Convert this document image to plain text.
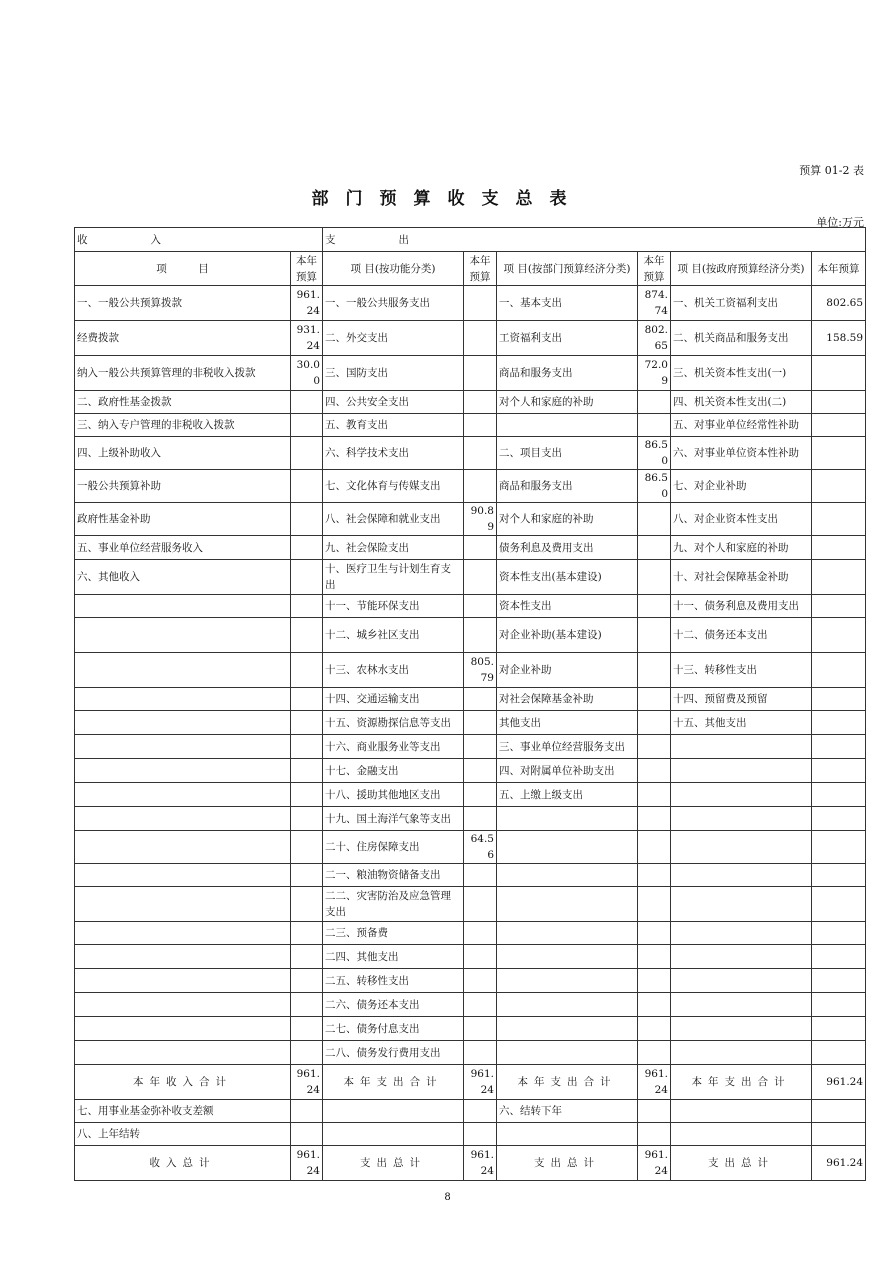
预算 01-2 表
部门预算收支总表
单位:万元
收　　　　　　入		支　　　　　　出					
项　　　目	本年预算	项 目(按功能分类)	本年预算	项 目(按部门预算经济分类)	本年预算	项 目(按政府预算经济分类)	本年预算
一、一般公共预算拨款	961.24	一、一般公共服务支出		一、基本支出	874.74	一、机关工资福利支出	802.65
经费拨款	931.24	二、外交支出		工资福利支出	802.65	二、机关商品和服务支出	158.59
纳入一般公共预算管理的非税收入拨款	30.00	三、国防支出		商品和服务支出	72.09	三、机关资本性支出(一)	
二、政府性基金拨款		四、公共安全支出		对个人和家庭的补助		四、机关资本性支出(二)	
三、纳入专户管理的非税收入拨款		五、教育支出				五、对事业单位经常性补助	
四、上级补助收入		六、科学技术支出		二、项目支出	86.50	六、对事业单位资本性补助	
一般公共预算补助		七、文化体育与传媒支出		商品和服务支出	86.50	七、对企业补助	
政府性基金补助		八、社会保障和就业支出	90.89	对个人和家庭的补助		八、对企业资本性支出	
五、事业单位经营服务收入		九、社会保险支出		债务利息及费用支出		九、对个人和家庭的补助	
六、其他收入		十、医疗卫生与计划生育支出		资本性支出(基本建设)		十、对社会保障基金补助	
		十一、节能环保支出		资本性支出		十一、债务利息及费用支出	
		十二、城乡社区支出		对企业补助(基本建设)		十二、债务还本支出	
		十三、农林水支出	805.79	对企业补助		十三、转移性支出	
		十四、交通运输支出		对社会保障基金补助		十四、预留费及预留	
		十五、资源勘探信息等支出		其他支出		十五、其他支出	
		十六、商业服务业等支出		三、事业单位经营服务支出			
		十七、金融支出		四、对附属单位补助支出			
		十八、援助其他地区支出		五、上缴上级支出			
		十九、国土海洋气象等支出					
		二十、住房保障支出	64.56				
		二一、粮油物资储备支出					
		二二、灾害防治及应急管理支出					
		二三、预备费					
		二四、其他支出					
		二五、转移性支出					
		二六、债务还本支出					
		二七、债务付息支出					
		二八、债务发行费用支出					
本年收入合计	961.24	本年支出合计	961.24	本年支出合计	961.24	本年支出合计	961.24
七、用事业基金弥补收支差额				六、结转下年			
八、上年结转							
收入总计	961.24	支出总计	961.24	支出总计	961.24	支出总计	961.24
8
